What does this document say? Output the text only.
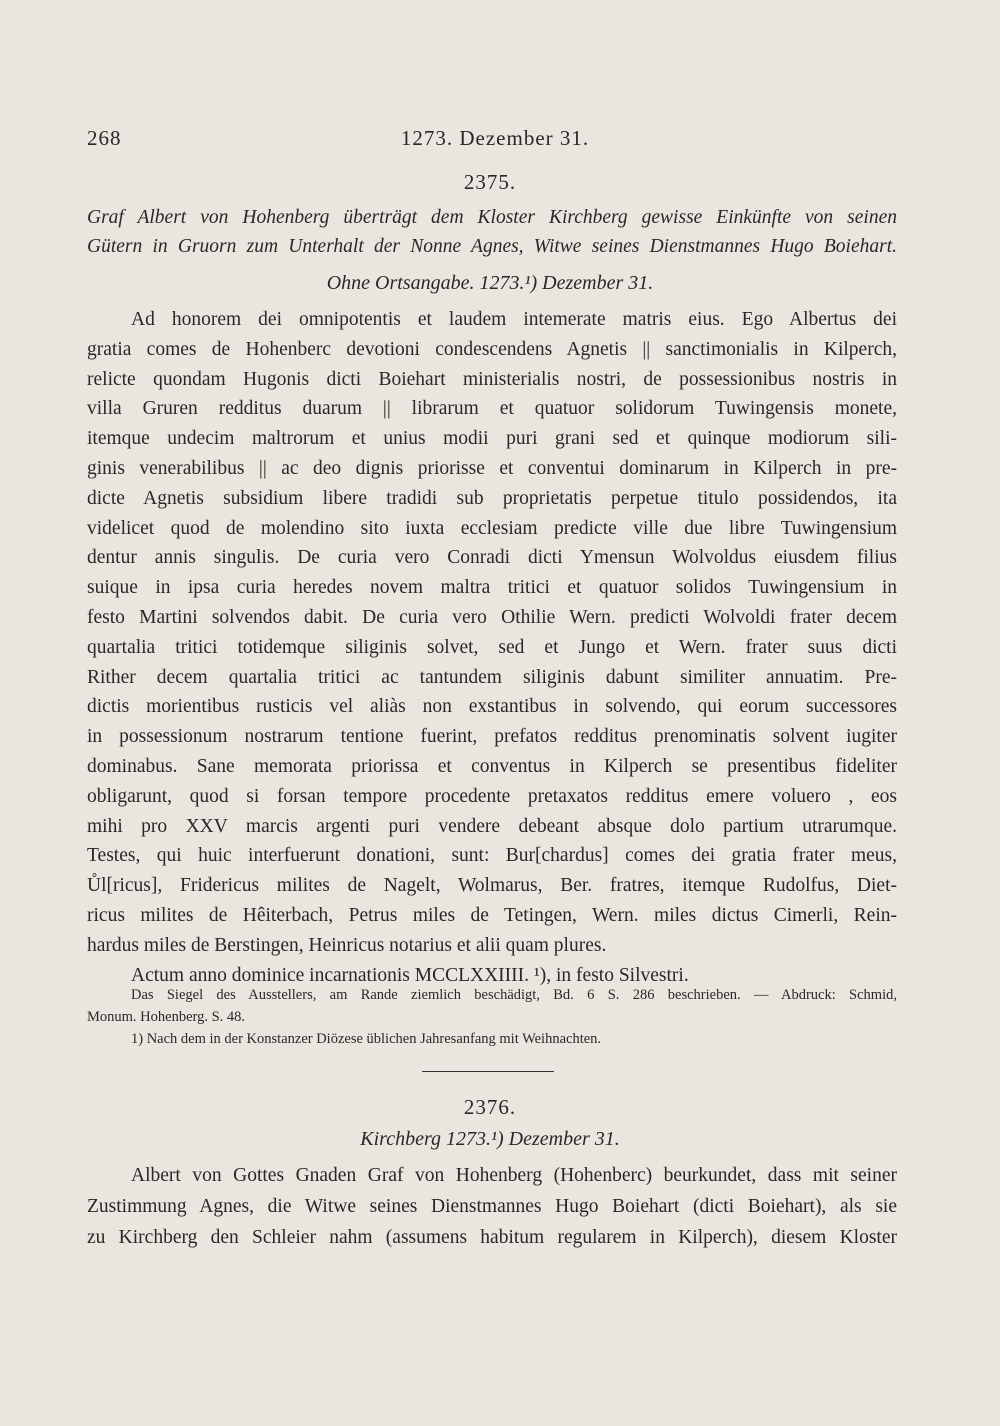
268	1273. Dezember 31.
2375.
Graf Albert von Hohenberg überträgt dem Kloster Kirchberg gewisse Einkünfte von seinen
Gütern in Gruorn zum Unterhalt der Nonne Agnes, Witwe seines Dienstmannes Hugo Boiehart.
Ohne Ortsangabe. 1273.¹) Dezember 31.
Ad honorem dei omnipotentis et laudem intemerate matris eius. Ego Albertus dei
gratia comes de Hohenberc devotioni condescendens Agnetis || sanctimonialis in Kilperch,
relicte quondam Hugonis dicti Boiehart ministerialis nostri, de possessionibus nostris in
villa Gruren redditus duarum || librarum et quatuor solidorum Tuwingensis monete,
itemque undecim maltrorum et unius modii puri grani sed et quinque modiorum sili-
ginis venerabilibus || ac deo dignis priorisse et conventui dominarum in Kilperch in pre-
dicte Agnetis subsidium libere tradidi sub proprietatis perpetue titulo possidendos, ita
videlicet quod de molendino sito iuxta ecclesiam predicte ville due libre Tuwingensium
dentur annis singulis. De curia vero Conradi dicti Ymensun Wolvoldus eiusdem filius
suique in ipsa curia heredes novem maltra tritici et quatuor solidos Tuwingensium in
festo Martini solvendos dabit. De curia vero Othilie Wern. predicti Wolvoldi frater decem
quartalia tritici totidemque siliginis solvet, sed et Jungo et Wern. frater suus dicti
Rither decem quartalia tritici ac tantundem siliginis dabunt similiter annuatim. Pre-
dictis morientibus rusticis vel aliàs non exstantibus in solvendo, qui eorum successores
in possessionum nostrarum tentione fuerint, prefatos redditus prenominatis solvent iugiter
dominabus. Sane memorata priorissa et conventus in Kilperch se presentibus fideliter
obligarunt, quod si forsan tempore procedente pretaxatos redditus emere voluero , eos
mihi pro XXV marcis argenti puri vendere debeant absque dolo partium utrarumque.
Testes, qui huic interfuerunt donationi, sunt: Bur[chardus] comes dei gratia frater meus,
Ůl[ricus], Fridericus milites de Nagelt, Wolmarus, Ber. fratres, itemque Rudolfus, Diet-
ricus milites de Hêiterbach, Petrus miles de Tetingen, Wern. miles dictus Cimerli, Rein-
hardus miles de Berstingen, Heinricus notarius et alii quam plures.
Actum anno dominice incarnationis MCCLXXIIII. ¹), in festo Silvestri.
Das Siegel des Ausstellers, am Rande ziemlich beschädigt, Bd. 6 S. 286 beschrieben. — Abdruck: Schmid,
Monum. Hohenberg. S. 48.
1) Nach dem in der Konstanzer Diözese üblichen Jahresanfang mit Weihnachten.
2376.
Kirchberg 1273.¹) Dezember 31.
Albert von Gottes Gnaden Graf von Hohenberg (Hohenberc) beurkundet, dass mit seiner
Zustimmung Agnes, die Witwe seines Dienstmannes Hugo Boiehart (dicti Boiehart), als sie
zu Kirchberg den Schleier nahm (assumens habitum regularem in Kilperch), diesem Kloster
